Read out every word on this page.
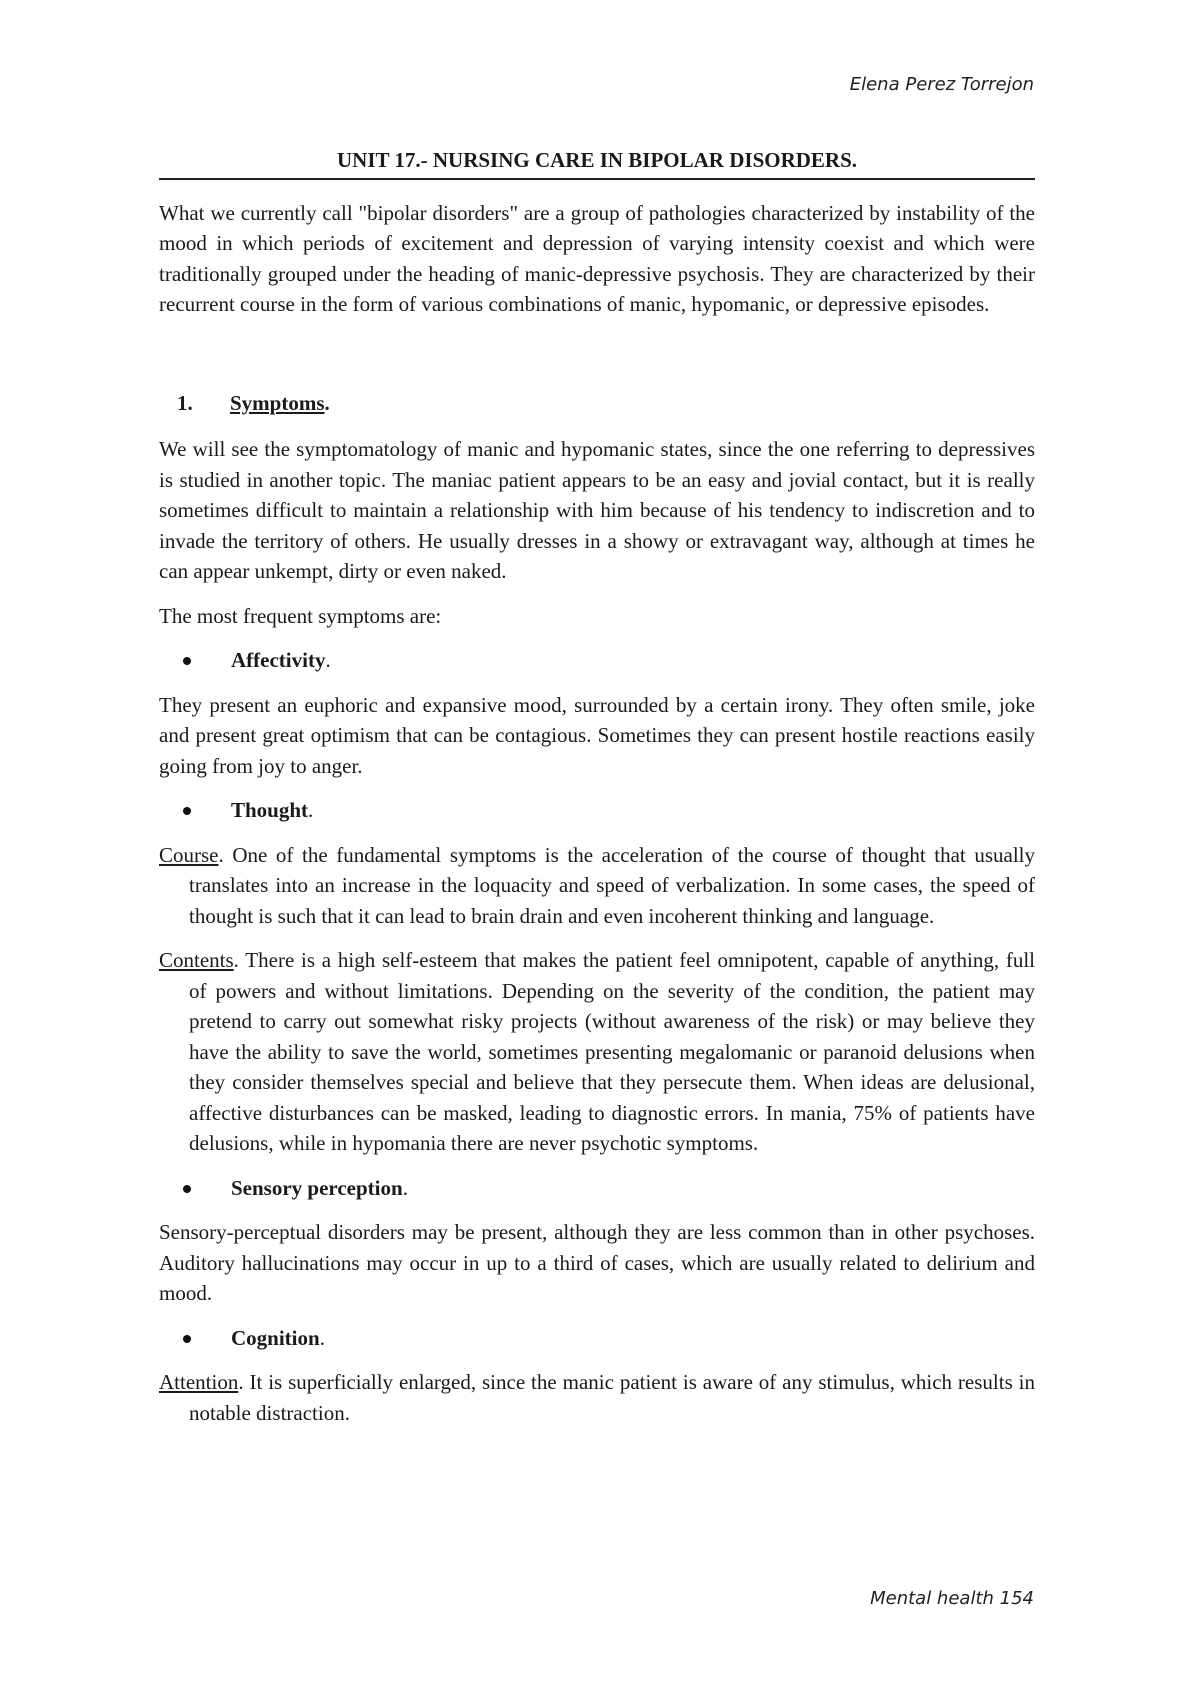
Elena Perez Torrejon
UNIT 17.- NURSING CARE IN BIPOLAR DISORDERS.

What we currently call "bipolar disorders" are a group of pathologies characterized by instability of the mood in which periods of excitement and depression of varying intensity coexist and which were traditionally grouped under the heading of manic-depressive psychosis. They are characterized by their recurrent course in the form of various combinations of manic, hypomanic, or depressive episodes.

1. Symptoms.

We will see the symptomatology of manic and hypomanic states, since the one referring to depressives is studied in another topic. The maniac patient appears to be an easy and jovial contact, but it is really sometimes difficult to maintain a relationship with him because of his tendency to indiscretion and to invade the territory of others. He usually dresses in a showy or extravagant way, although at times he can appear unkempt, dirty or even naked.

The most frequent symptoms are:

Affectivity.

They present an euphoric and expansive mood, surrounded by a certain irony. They often smile, joke and present great optimism that can be contagious. Sometimes they can present hostile reactions easily going from joy to anger.

Thought.

Course. One of the fundamental symptoms is the acceleration of the course of thought that usually translates into an increase in the loquacity and speed of verbalization. In some cases, the speed of thought is such that it can lead to brain drain and even incoherent thinking and language.

Contents. There is a high self-esteem that makes the patient feel omnipotent, capable of anything, full of powers and without limitations. Depending on the severity of the condition, the patient may pretend to carry out somewhat risky projects (without awareness of the risk) or may believe they have the ability to save the world, sometimes presenting megalomanic or paranoid delusions when they consider themselves special and believe that they persecute them. When ideas are delusional, affective disturbances can be masked, leading to diagnostic errors. In mania, 75% of patients have delusions, while in hypomania there are never psychotic symptoms.

Sensory perception.

Sensory-perceptual disorders may be present, although they are less common than in other psychoses. Auditory hallucinations may occur in up to a third of cases, which are usually related to delirium and mood.

Cognition.

Attention. It is superficially enlarged, since the manic patient is aware of any stimulus, which results in notable distraction.

Mental health 154
